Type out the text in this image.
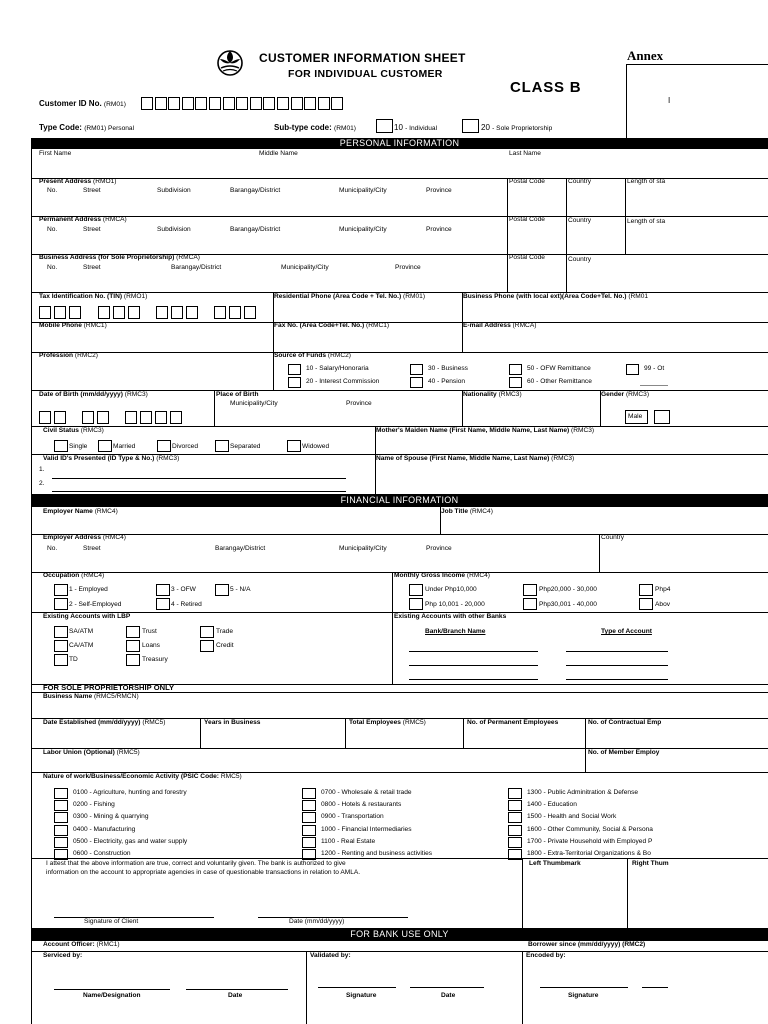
CUSTOMER INFORMATION SHEET
FOR INDIVIDUAL CUSTOMER
Annex
CLASS B
I
Customer ID No. (RM01)
Type Code: (RM01) Personal	Sub-type code: (RM01)	10 - Individual	20 - Sole Proprietorship
PERSONAL INFORMATION
First Name	Middle Name	Last Name
Present Address (RMO1)
No.	Street	Subdivision	Barangay/District	Municipality/City	Province
Postal Code	Country	Length of sta
Permanent Address (RMCA)
No.	Street	Subdivision	Barangay/District	Municipality/City	Province
Postal Code	Country	Length of sta
Business Address (for Sole Proprietorship) (RMCA)
No.	Street	Barangay/District	Municipality/City	Province
Postal Code	Country
Tax Identification No. (TIN) (RMO1)	Residential Phone (Area Code + Tel. No.) (RM01)	Business Phone (with local ext)(Area Code+Tel. No.) (RM01
Mobile Phone (RMC1)	Fax No. (Area Code+Tel. No.) (RMC1)	E-mail Address (RMCA)
Profession (RMC2)	Source of Funds (RMC2)
10 - Salary/Honoraria
20 - Interest Commission
30 - Business
40 - Pension
50 - OFW Remittance
60 - Other Remittance
99 - Ot
Date of Birth (mm/dd/yyyy) (RMC3)	Place of Birth
Municipality/City	Province
Nationality (RMC3)	Gender (RMC3)
Male
Civil Status (RMC3)
Single	Married	Divorced	Separated	Widowed
Mother's Maiden Name (First Name, Middle Name, Last Name) (RMC3)
Valid ID's Presented (ID Type & No.) (RMC3)
1.
2.
Name of Spouse (First Name, Middle Name, Last Name) (RMC3)
FINANCIAL INFORMATION
Employer Name (RMC4)	Job Title (RMC4)
Employer Address (RMC4)
No.	Street	Barangay/District	Municipality/City	Province
Country
Occupation (RMC4)
1 - Employed
2 - Self-Employed
3 - OFW
4 - Retired
5 - N/A
Monthly Gross Income (RMC4)
Under Php10,000
Php 10,001 - 20,000
Php20,000 - 30,000
Php30,001 - 40,000
Php4
Abov
Existing Accounts with LBP
SA/ATM
CA/ATM
TD
Trust
Loans
Treasury
Trade
Credit
Existing Accounts with other Banks
Bank/Branch Name	Type of Account
FOR SOLE PROPRIETORSHIP ONLY
Business Name (RMC5/RMCN)
Date Established (mm/dd/yyyy) (RMC5)	Years in Business	Total Employees (RMC5)	No. of Permanent Employees	No. of Contractual Emp
Labor Union (Optional) (RMC5)	No. of Member Employ
Nature of work/Business/Economic Activity (PSIC Code: RMC5)
0100 - Agriculture, hunting and forestry
0200 - Fishing
0300 - Mining & quarrying
0400 - Manufacturing
0500 - Electricity, gas and water supply
0600 - Construction
0700 - Wholesale & retail trade
0800 - Hotels & restaurants
0900 - Transportation
1000 - Financial Intermediaries
1100 - Real Estate
1200 - Renting and business activities
1300 - Public Adminitration & Defense
1400 - Education
1500 - Health and Social Work
1600 - Other Community, Social & Persona
1700 - Private Household with Employed P
1800 - Extra-Territorial Organizations & Bo
I attest that the above information are true, correct and voluntarily given. The bank is authorized to give
information on the account to appropriate agencies in case of questionable transactions in relation to AMLA.
Left Thumbmark	Right Thum
Signature of Client	Date (mm/dd/yyyy)
FOR BANK USE ONLY
Account Officer: (RMC1)	Borrower since (mm/dd/yyyy) (RMC2)
Serviced by:	Validated by:	Encoded by:
Name/Designation	Date	Signature	Date	Signature
